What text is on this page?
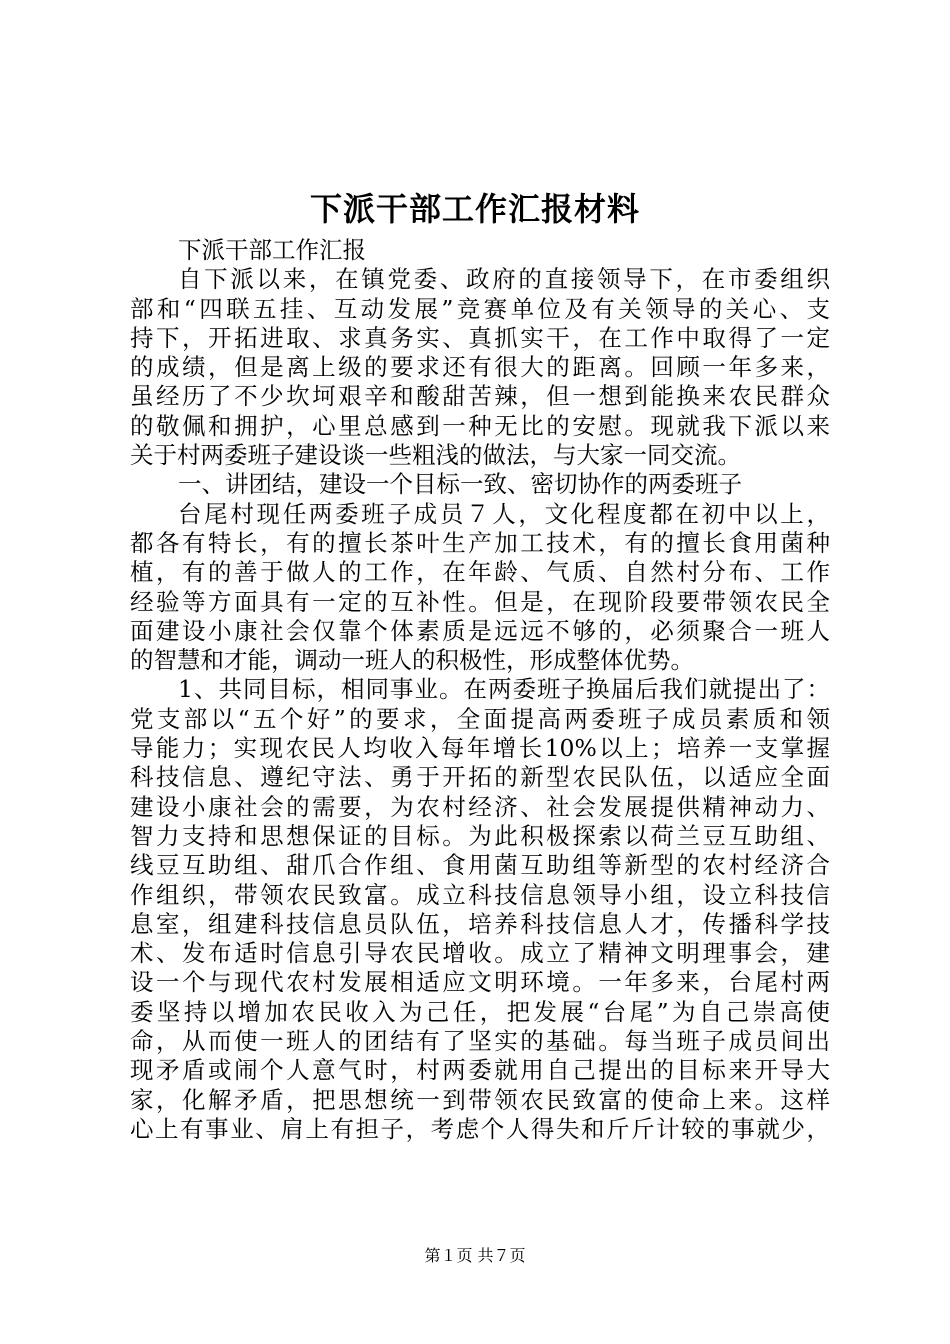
下派干部工作汇报材料
下派干部工作汇报
自下派以来，在镇党委、政府的直接领导下，在市委组织
部和“四联五挂、互动发展”竞赛单位及有关领导的关心、支
持下，开拓进取、求真务实、真抓实干，在工作中取得了一定
的成绩，但是离上级的要求还有很大的距离。回顾一年多来，
虽经历了不少坎坷艰辛和酸甜苦辣，但一想到能换来农民群众
的敬佩和拥护，心里总感到一种无比的安慰。现就我下派以来
关于村两委班子建设谈一些粗浅的做法，与大家一同交流。
一、讲团结，建设一个目标一致、密切协作的两委班子
台尾村现任两委班子成员７人，文化程度都在初中以上，
都各有特长，有的擅长茶叶生产加工技术，有的擅长食用菌种
植，有的善于做人的工作，在年龄、气质、自然村分布、工作
经验等方面具有一定的互补性。但是，在现阶段要带领农民全
面建设小康社会仅靠个体素质是远远不够的，必须聚合一班人
的智慧和才能，调动一班人的积极性，形成整体优势。
1、共同目标，相同事业。在两委班子换届后我们就提出了：
党支部以“五个好”的要求，全面提高两委班子成员素质和领
导能力；实现农民人均收入每年增长10%以上；培养一支掌握
科技信息、遵纪守法、勇于开拓的新型农民队伍，以适应全面
建设小康社会的需要，为农村经济、社会发展提供精神动力、
智力支持和思想保证的目标。为此积极探索以荷兰豆互助组、
线豆互助组、甜爪合作组、食用菌互助组等新型的农村经济合
作组织，带领农民致富。成立科技信息领导小组，设立科技信
息室，组建科技信息员队伍，培养科技信息人才，传播科学技
术、发布适时信息引导农民增收。成立了精神文明理事会，建
设一个与现代农村发展相适应文明环境。一年多来，台尾村两
委坚持以增加农民收入为己任，把发展“台尾”为自己崇高使
命，从而使一班人的团结有了坚实的基础。每当班子成员间出
现矛盾或闹个人意气时，村两委就用自己提出的目标来开导大
家，化解矛盾，把思想统一到带领农民致富的使命上来。这样
心上有事业、肩上有担子，考虑个人得失和斤斤计较的事就少，
第１页 共７页
